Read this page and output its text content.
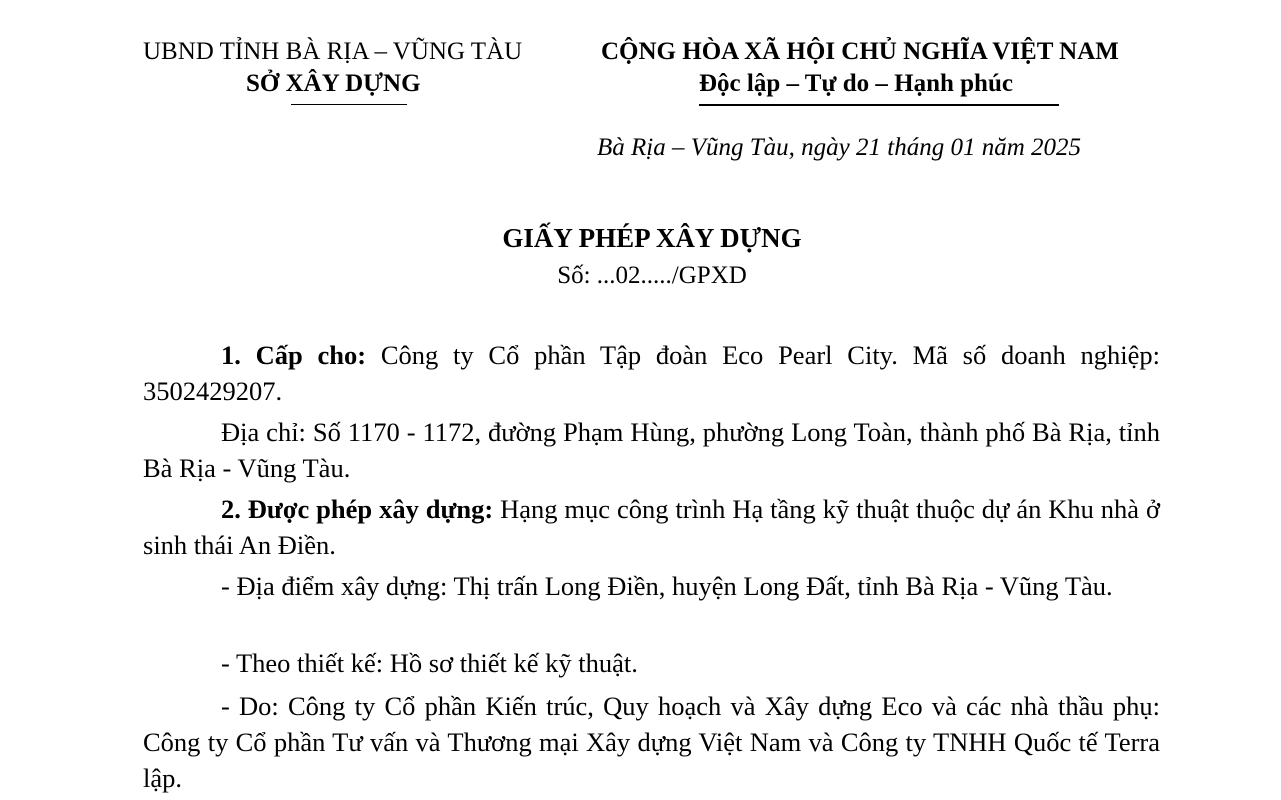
UBND TỈNH BÀ RỊA – VŨNG TÀU
SỞ XÂY DỰNG
CỘNG HÒA XÃ HỘI CHỦ NGHĨA VIỆT NAM
Độc lập – Tự do – Hạnh phúc
Bà Rịa – Vũng Tàu, ngày 21 tháng 01 năm 2025
GIẤY PHÉP XÂY DỰNG
Số: ...02...../GPXD

1. Cấp cho: Công ty Cổ phần Tập đoàn Eco Pearl City. Mã số doanh nghiệp: 3502429207.

Địa chỉ: Số 1170 - 1172, đường Phạm Hùng, phường Long Toàn, thành phố Bà Rịa, tỉnh Bà Rịa - Vũng Tàu.

2. Được phép xây dựng: Hạng mục công trình Hạ tầng kỹ thuật thuộc dự án Khu nhà ở sinh thái An Điền.

- Địa điểm xây dựng: Thị trấn Long Điền, huyện Long Đất, tỉnh Bà Rịa - Vũng Tàu.

- Theo thiết kế: Hồ sơ thiết kế kỹ thuật.

- Do: Công ty Cổ phần Kiến trúc, Quy hoạch và Xây dựng Eco và các nhà thầu phụ: Công ty Cổ phần Tư vấn và Thương mại Xây dựng Việt Nam và Công ty TNHH Quốc tế Terra lập.
